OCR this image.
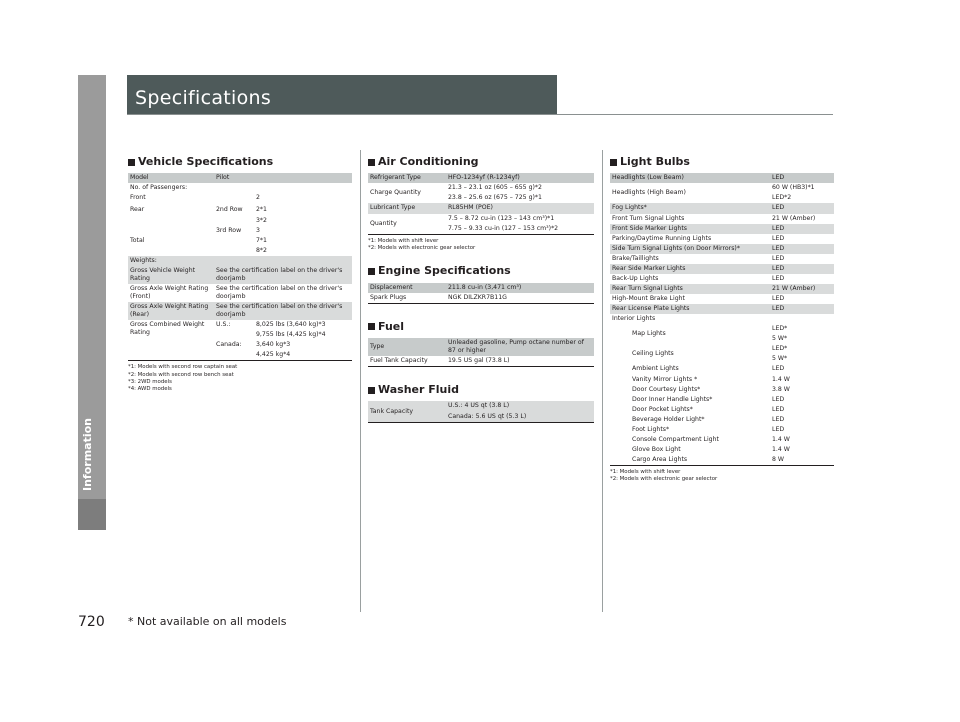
Information
Specifications
Vehicle Specifications
Model	Pilot	
No. of Passengers:		
Front		2
Rear	2nd Row	2*1
		3*2
	3rd Row	3
Total		7*1
		8*2
Weights:		
Gross Vehicle Weight Rating	See the certification label on the driver's doorjamb	
Gross Axle Weight Rating (Front)	See the certification label on the driver's doorjamb	
Gross Axle Weight Rating (Rear)	See the certification label on the driver's doorjamb	
Gross Combined Weight Rating	U.S.:	8,025 lbs (3,640 kg)*3
		9,755 lbs (4,425 kg)*4
	Canada:	3,640 kg*3
		4,425 kg*4
*1: Models with second row captain seat
*2: Models with second row bench seat
*3: 2WD models
*4: AWD models
Air Conditioning
Refrigerant Type	HFO-1234yf (R-1234yf)
Charge Quantity	21.3 – 23.1 oz (605 – 655 g)*2
	23.8 – 25.6 oz (675 – 725 g)*1
Lubricant Type	RL85HM (POE)
Quantity	7.5 – 8.72 cu-in (123 – 143 cm³)*1
	7.75 – 9.33 cu-in (127 – 153 cm³)*2
*1: Models with shift lever
*2: Models with electronic gear selector
Engine Specifications
Displacement	211.8 cu-in (3,471 cm³)
Spark Plugs	NGK DILZKR7B11G
Fuel
Type	Unleaded gasoline, Pump octane number of 87 or higher
Fuel Tank Capacity	19.5 US gal (73.8 L)
Washer Fluid
Tank Capacity	U.S.: 4 US qt (3.8 L)
Canada: 5.6 US qt (5.3 L)
Light Bulbs
Headlights (Low Beam)	LED
Headlights (High Beam)	60 W (HB3)*1
	LED*2
Fog Lights*	LED
Front Turn Signal Lights	21 W (Amber)
Front Side Marker Lights	LED
Parking/Daytime Running Lights	LED
Side Turn Signal Lights (on Door Mirrors)*	LED
Brake/Taillights	LED
Rear Side Marker Lights	LED
Back-Up Lights	LED
Rear Turn Signal Lights	21 W (Amber)
High-Mount Brake Light	LED
Rear License Plate Lights	LED
Interior Lights	
Map Lights	LED*
	5 W*
Ceiling Lights	LED*
	5 W*
Ambient Lights	LED
Vanity Mirror Lights *	1.4 W
Door Courtesy Lights*	3.8 W
Door Inner Handle Lights*	LED
Door Pocket Lights*	LED
Beverage Holder Light*	LED
Foot Lights*	LED
Console Compartment Light	1.4 W
Glove Box Light	1.4 W
Cargo Area Lights	8 W
*1: Models with shift lever
*2: Models with electronic gear selector
720 * Not available on all models
